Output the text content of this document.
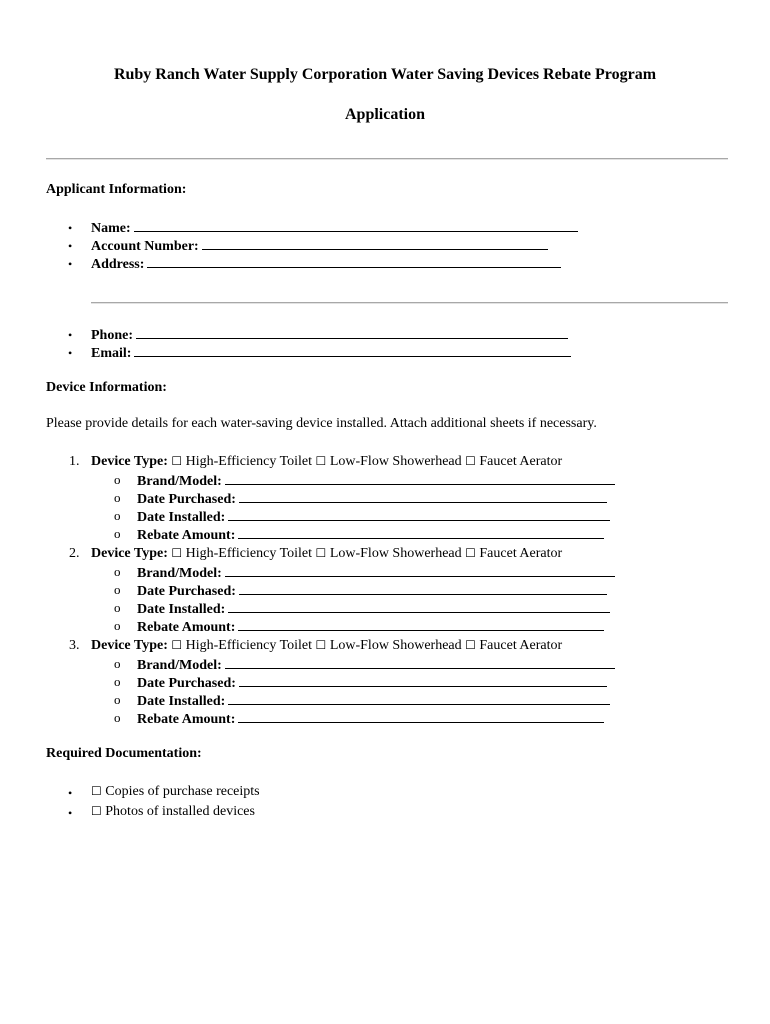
Ruby Ranch Water Supply Corporation Water Saving Devices Rebate Program
Application
Applicant Information:
• Name:
• Account Number:
• Address:
• Phone:
• Email:
Device Information:
Please provide details for each water-saving device installed. Attach additional sheets if necessary.
1. Device Type: ☐ High-Efficiency Toilet ☐ Low-Flow Showerhead ☐ Faucet Aerator
o Brand/Model:
o Date Purchased:
o Date Installed:
o Rebate Amount:
2. Device Type: ☐ High-Efficiency Toilet ☐ Low-Flow Showerhead ☐ Faucet Aerator
o Brand/Model:
o Date Purchased:
o Date Installed:
o Rebate Amount:
3. Device Type: ☐ High-Efficiency Toilet ☐ Low-Flow Showerhead ☐ Faucet Aerator
o Brand/Model:
o Date Purchased:
o Date Installed:
o Rebate Amount:
Required Documentation:
• ☐ Copies of purchase receipts
• ☐ Photos of installed devices
